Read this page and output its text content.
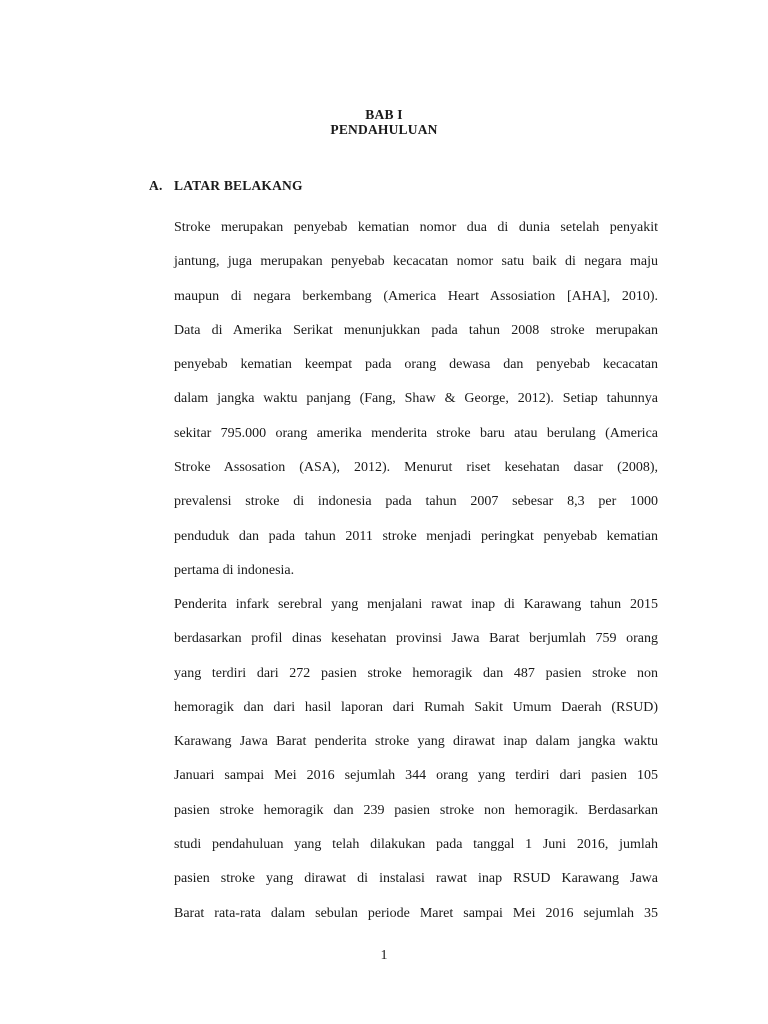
BAB I
PENDAHULUAN
A. LATAR BELAKANG
Stroke merupakan penyebab kematian nomor dua di dunia setelah penyakit
jantung, juga merupakan penyebab kecacatan nomor satu baik di negara maju
maupun di negara berkembang (America Heart Assosiation [AHA], 2010).
Data di Amerika Serikat menunjukkan pada tahun 2008 stroke merupakan
penyebab kematian keempat pada orang dewasa dan penyebab kecacatan
dalam jangka waktu panjang (Fang, Shaw & George, 2012). Setiap tahunnya
sekitar 795.000 orang amerika menderita stroke baru atau berulang (America
Stroke Assosation (ASA), 2012). Menurut riset kesehatan dasar (2008),
prevalensi stroke di indonesia pada tahun 2007 sebesar 8,3 per 1000
penduduk dan pada tahun 2011 stroke menjadi peringkat penyebab kematian
pertama di indonesia.
Penderita infark serebral yang menjalani rawat inap di Karawang tahun 2015
berdasarkan profil dinas kesehatan provinsi Jawa Barat berjumlah 759 orang
yang terdiri dari 272 pasien stroke hemoragik dan 487 pasien stroke non
hemoragik dan dari hasil laporan dari Rumah Sakit Umum Daerah (RSUD)
Karawang Jawa Barat penderita stroke yang dirawat inap dalam jangka waktu
Januari sampai Mei 2016 sejumlah 344 orang yang terdiri dari pasien 105
pasien stroke hemoragik dan 239 pasien stroke non hemoragik. Berdasarkan
studi pendahuluan yang telah dilakukan pada tanggal 1 Juni 2016, jumlah
pasien stroke yang dirawat di instalasi rawat inap RSUD Karawang Jawa
Barat rata-rata dalam sebulan periode Maret sampai Mei 2016 sejumlah 35
1
